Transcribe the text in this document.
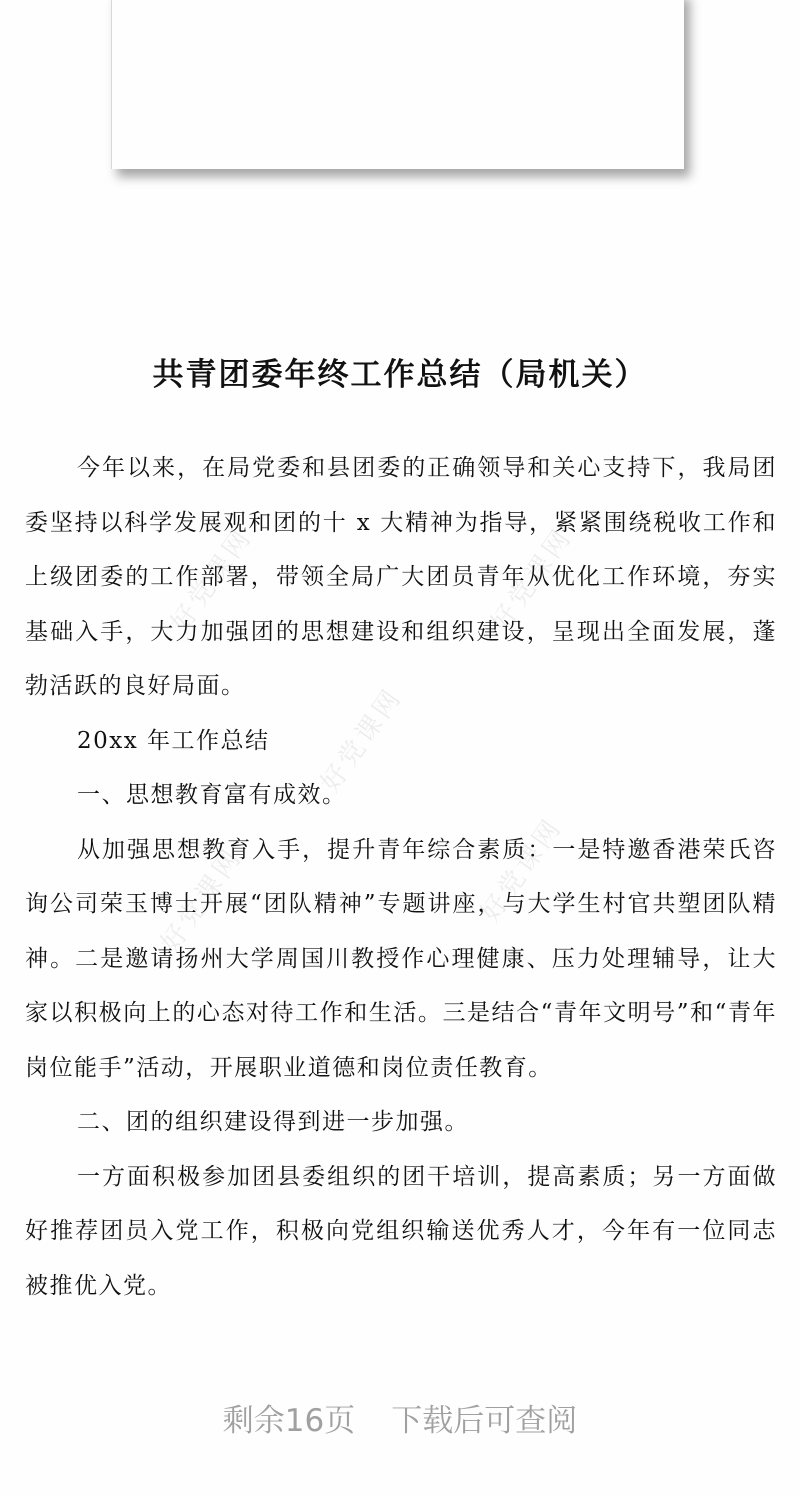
好党课网	好党课网
好党课网
好党课网	好党课网
共青团委年终工作总结（局机关）

今年以来，在局党委和县团委的正确领导和关心支持下，我局团委坚持以科学发展观和团的十 x 大精神为指导，紧紧围绕税收工作和上级团委的工作部署，带领全局广大团员青年从优化工作环境，夯实基础入手，大力加强团的思想建设和组织建设，呈现出全面发展，蓬勃活跃的良好局面。

20xx 年工作总结

一、思想教育富有成效。

从加强思想教育入手，提升青年综合素质：一是特邀香港荣氏咨询公司荣玉博士开展“团队精神”专题讲座，与大学生村官共塑团队精神。二是邀请扬州大学周国川教授作心理健康、压力处理辅导，让大家以积极向上的心态对待工作和生活。三是结合“青年文明号”和“青年岗位能手”活动，开展职业道德和岗位责任教育。

二、团的组织建设得到进一步加强。

一方面积极参加团县委组织的团干培训，提高素质；另一方面做好推荐团员入党工作，积极向党组织输送优秀人才，今年有一位同志被推优入党。

剩余16页 下载后可查阅
